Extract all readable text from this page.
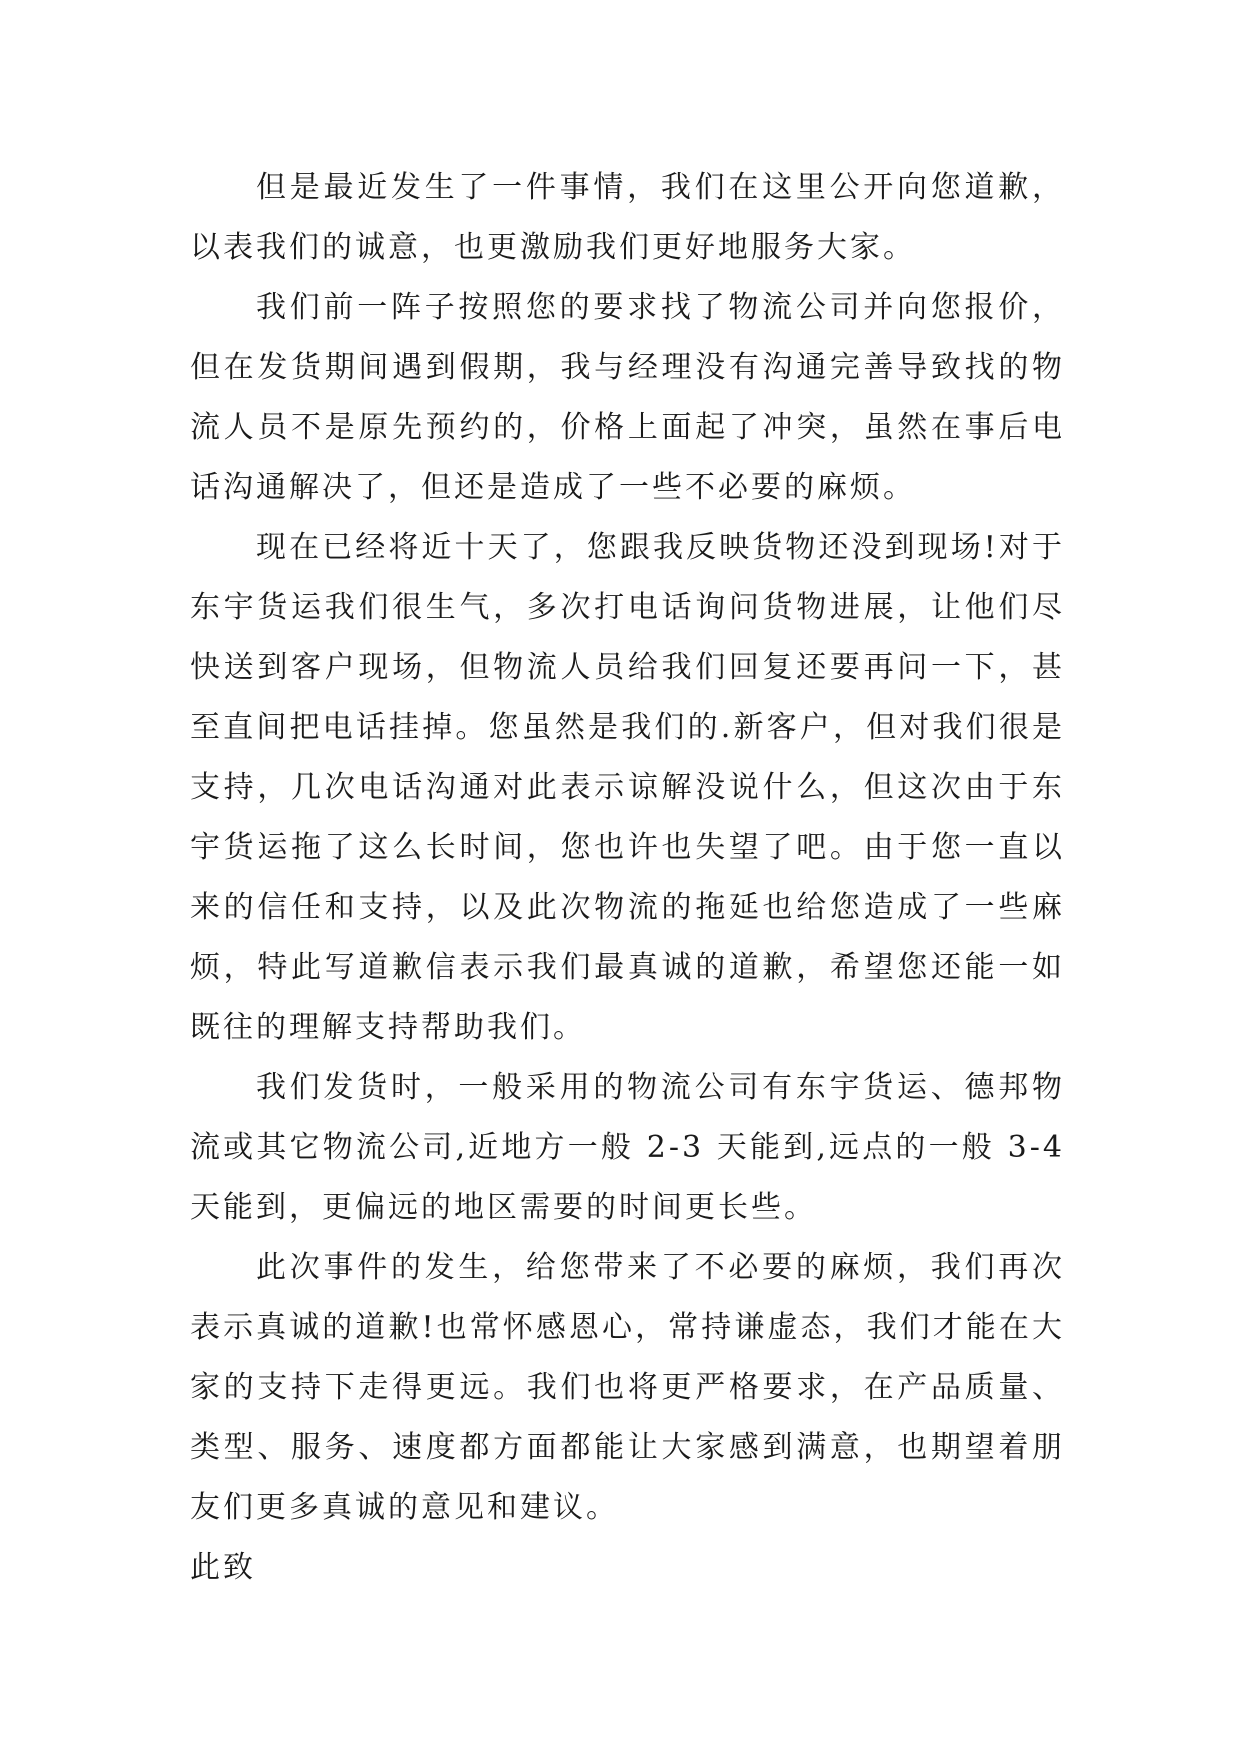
但是最近发生了一件事情，我们在这里公开向您道歉，以表我们的诚意，也更激励我们更好地服务大家。

我们前一阵子按照您的要求找了物流公司并向您报价，但在发货期间遇到假期，我与经理没有沟通完善导致找的物流人员不是原先预约的，价格上面起了冲突，虽然在事后电话沟通解决了，但还是造成了一些不必要的麻烦。

现在已经将近十天了，您跟我反映货物还没到现场!对于东宇货运我们很生气，多次打电话询问货物进展，让他们尽快送到客户现场，但物流人员给我们回复还要再问一下，甚至直间把电话挂掉。您虽然是我们的.新客户，但对我们很是支持，几次电话沟通对此表示谅解没说什么，但这次由于东宇货运拖了这么长时间，您也许也失望了吧。由于您一直以来的信任和支持，以及此次物流的拖延也给您造成了一些麻烦，特此写道歉信表示我们最真诚的道歉，希望您还能一如既往的理解支持帮助我们。

我们发货时，一般采用的物流公司有东宇货运、德邦物流或其它物流公司,近地方一般 2-3 天能到,远点的一般 3-4 天能到，更偏远的地区需要的时间更长些。

此次事件的发生，给您带来了不必要的麻烦，我们再次表示真诚的道歉!也常怀感恩心，常持谦虚态，我们才能在大家的支持下走得更远。我们也将更严格要求，在产品质量、类型、服务、速度都方面都能让大家感到满意，也期望着朋友们更多真诚的意见和建议。

此致
